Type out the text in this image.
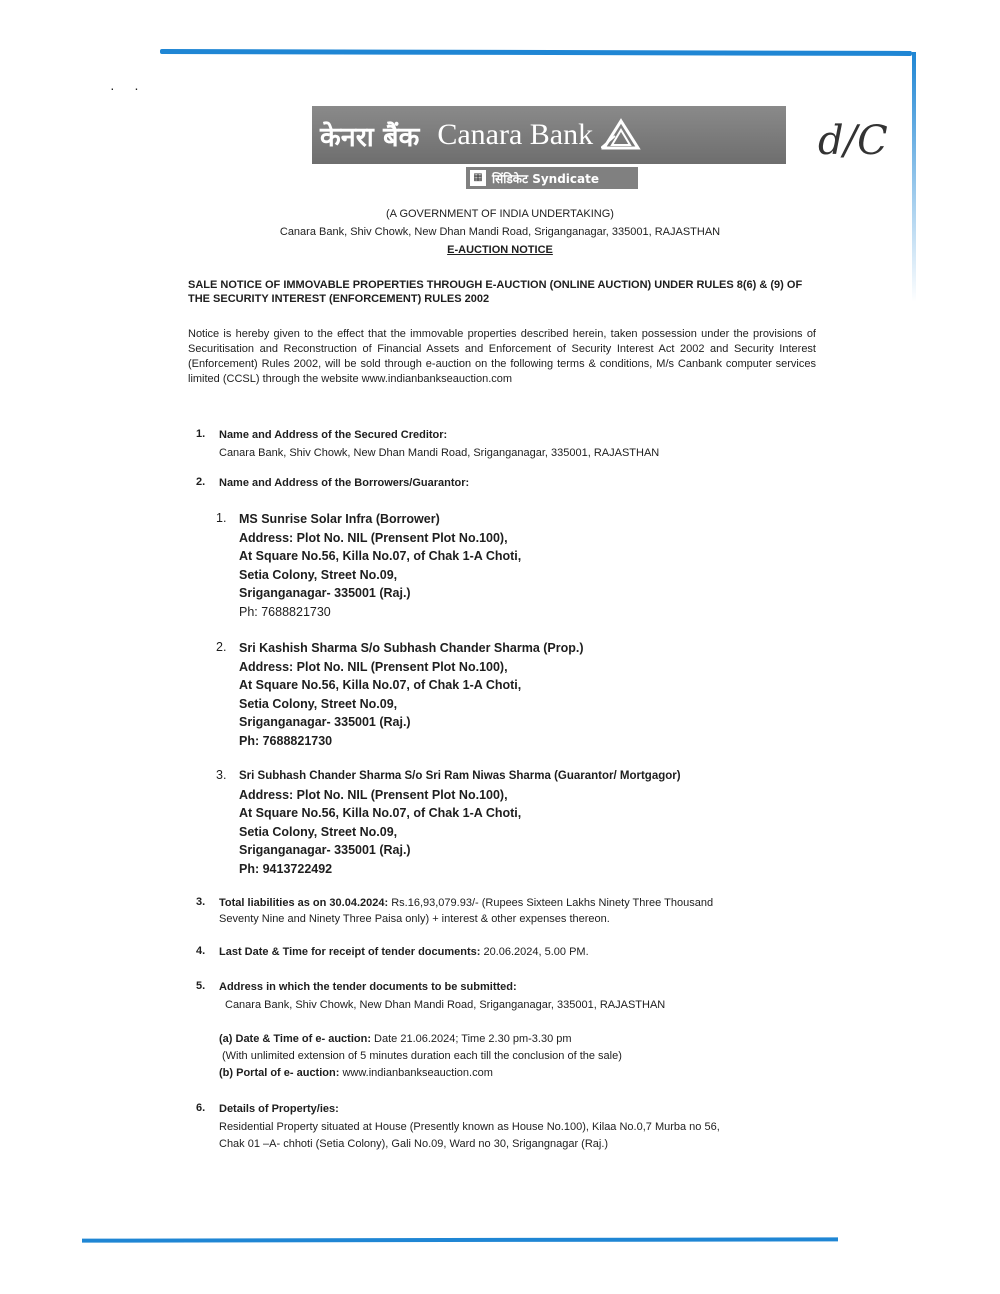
·     ·
केनरा बैंक Canara Bank
▦ सिंडिकेट Syndicate
d/C
(A GOVERNMENT OF INDIA UNDERTAKING)
Canara Bank, Shiv Chowk, New Dhan Mandi Road, Sriganganagar, 335001, RAJASTHAN
E-AUCTION NOTICE
SALE NOTICE OF IMMOVABLE PROPERTIES THROUGH E-AUCTION (ONLINE AUCTION) UNDER RULES 8(6) & (9) OF THE SECURITY INTEREST (ENFORCEMENT) RULES 2002
Notice is hereby given to the effect that the immovable properties described herein, taken possession under the provisions of Securitisation and Reconstruction of Financial Assets and Enforcement of Security Interest Act 2002 and Security Interest (Enforcement) Rules 2002, will be sold through e-auction on the following terms & conditions, M/s Canbank computer services limited (CCSL) through the website www.indianbankseauction.com
1. Name and Address of the Secured Creditor:
Canara Bank, Shiv Chowk, New Dhan Mandi Road, Sriganganagar, 335001, RAJASTHAN
2. Name and Address of the Borrowers/Guarantor:
1. MS Sunrise Solar Infra (Borrower)
Address: Plot No. NIL (Prensent Plot No.100),
At Square No.56, Killa No.07, of Chak 1-A Choti,
Setia Colony, Street No.09,
Sriganganagar- 335001 (Raj.)
Ph: 7688821730
2. Sri Kashish Sharma S/o Subhash Chander Sharma (Prop.)
Address: Plot No. NIL (Prensent Plot No.100),
At Square No.56, Killa No.07, of Chak 1-A Choti,
Setia Colony, Street No.09,
Sriganganagar- 335001 (Raj.)
Ph: 7688821730
3. Sri Subhash Chander Sharma S/o Sri Ram Niwas Sharma (Guarantor/ Mortgagor)
Address: Plot No. NIL (Prensent Plot No.100),
At Square No.56, Killa No.07, of Chak 1-A Choti,
Setia Colony, Street No.09,
Sriganganagar- 335001 (Raj.)
Ph: 9413722492
3. Total liabilities as on 30.04.2024: Rs.16,93,079.93/- (Rupees Sixteen Lakhs Ninety Three Thousand
Seventy Nine and Ninety Three Paisa only) + interest & other expenses thereon.
4. Last Date & Time for receipt of tender documents: 20.06.2024, 5.00 PM.
5. Address in which the tender documents to be submitted:
Canara Bank, Shiv Chowk, New Dhan Mandi Road, Sriganganagar, 335001, RAJASTHAN
(a) Date & Time of e- auction: Date 21.06.2024; Time 2.30 pm-3.30 pm
(With unlimited extension of 5 minutes duration each till the conclusion of the sale)
(b) Portal of e- auction: www.indianbankseauction.com
6. Details of Property/ies:
Residential Property situated at House (Presently known as House No.100), Kilaa No.0,7 Murba no 56,
Chak 01 –A- chhoti (Setia Colony), Gali No.09, Ward no 30, Srigangnagar (Raj.)
